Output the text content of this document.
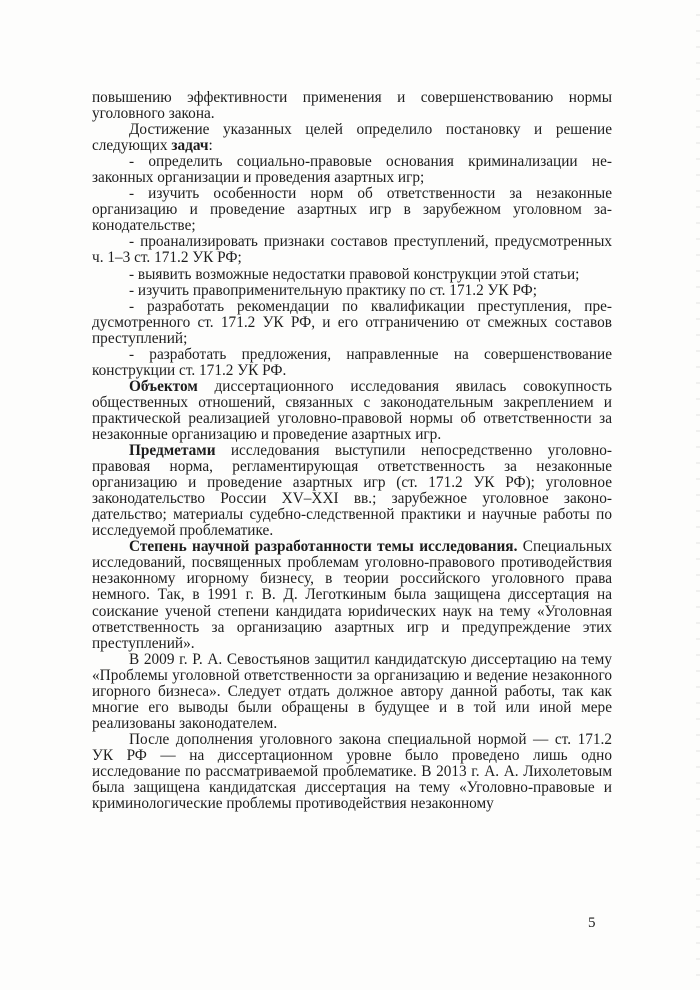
повышению эффективности применения и совершенствованию нормы уголовного закона.

Достижение указанных целей определило постановку и решение следующих задач:

- определить социально-правовые основания криминализации незаконных организации и проведения азартных игр;

- изучить особенности норм об ответственности за незаконные организацию и проведение азартных игр в зарубежном уголовном законодательстве;

- проанализировать признаки составов преступлений, предусмотренных ч. 1–3 ст. 171.2 УК РФ;

- выявить возможные недостатки правовой конструкции этой статьи;

- изучить правоприменительную практику по ст. 171.2 УК РФ;

- разработать рекомендации по квалификации преступления, предусмотренного ст. 171.2 УК РФ, и его отграничению от смежных составов преступлений;

- разработать предложения, направленные на совершенствование конструкции ст. 171.2 УК РФ.

Объектом диссертационного исследования явилась совокупность общественных отношений, связанных с законодательным закреплением и практической реализацией уголовно-правовой нормы об ответственности за незаконные организацию и проведение азартных игр.

Предметами исследования выступили непосредственно уголовно-правовая норма, регламентирующая ответственность за незаконные организацию и проведение азартных игр (ст. 171.2 УК РФ); уголовное законодательство России XV–XXI вв.; зарубежное уголовное законодательство; материалы судебно-следственной практики и научные работы по исследуемой проблематике.

Степень научной разработанности темы исследования. Специальных исследований, посвященных проблемам уголовно-правового противодействия незаконному игорному бизнесу, в теории российского уголовного права немного. Так, в 1991 г. В. Д. Леготкиным была защищена диссертация на соискание ученой степени кандидата юриdических наук на тему «Уголовная ответственность за организацию азартных игр и предупреждение этих преступлений».

В 2009 г. Р. А. Севостьянов защитил кандидатскую диссертацию на тему «Проблемы уголовной ответственности за организацию и ведение незаконного игорного бизнеса». Следует отдать должное автору данной работы, так как многие его выводы были обращены в будущее и в той или иной мере реализованы законодателем.

После дополнения уголовного закона специальной нормой — ст. 171.2 УК РФ — на диссертационном уровне было проведено лишь одно исследование по рассматриваемой проблематике. В 2013 г. А. А. Лихолетовым была защищена кандидатская диссертация на тему «Уголовно-правовые и криминологические проблемы противодействия незаконному

5
